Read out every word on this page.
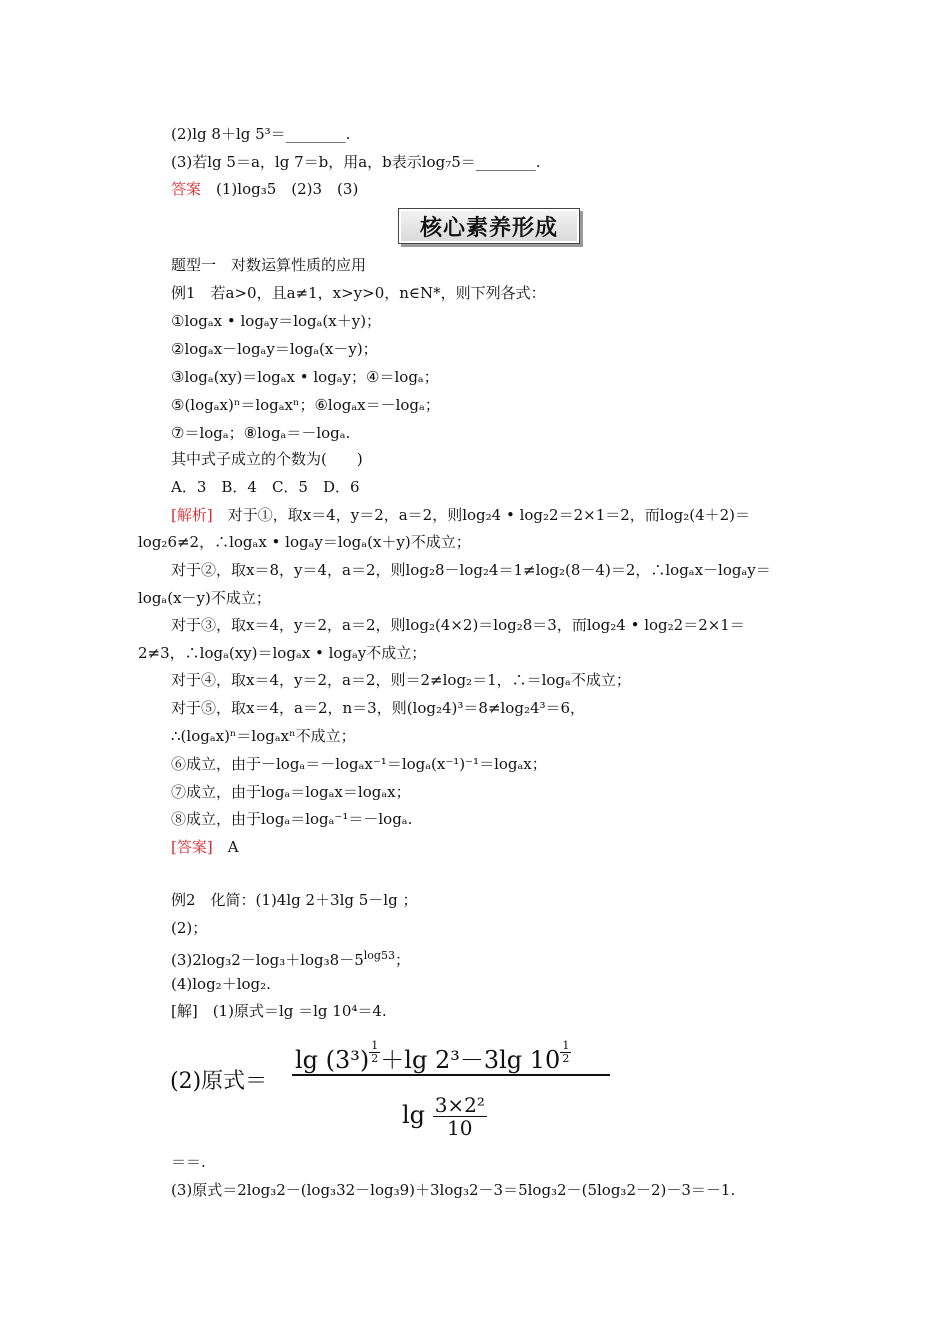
(2)lg 8＋lg 5³＝________.
(3)若lg 5＝a，lg 7＝b，用a，b表示log₇5＝________.
答案　 (1)log₃5　(2)3　(3)
核心素养形成
题型一　对数运算性质的应用
例1　若a>0，且a≠1，x>y>0，n∈N*，则下列各式：
①logₐx • logₐy＝logₐ(x＋y)；
②logₐx－logₐy＝logₐ(x－y)；
③logₐ(xy)＝logₐx • logₐy；④＝logₐ；
⑤(logₐx)ⁿ＝logₐxⁿ；⑥logₐx＝－logₐ；
⑦＝logₐ；⑧logₐ＝－logₐ.
其中式子成立的个数为(　　)
A．3　B．4　C．5　D．6
[解析]　对于①，取x＝4，y＝2，a＝2，则log₂4 • log₂2＝2×1＝2，而log₂(4＋2)＝
log₂6≠2，∴logₐx • logₐy＝logₐ(x＋y)不成立；
对于②，取x＝8，y＝4，a＝2，则log₂8－log₂4＝1≠log₂(8－4)＝2，∴logₐx－logₐy＝
logₐ(x－y)不成立；
对于③，取x＝4，y＝2，a＝2，则log₂(4×2)＝log₂8＝3，而log₂4 • log₂2＝2×1＝
2≠3，∴logₐ(xy)＝logₐx • logₐy不成立；
对于④，取x＝4，y＝2，a＝2，则＝2≠log₂＝1，∴＝logₐ不成立；
对于⑤，取x＝4，a＝2，n＝3，则(log₂4)³＝8≠log₂4³＝6，
∴(logₐx)ⁿ＝logₐxⁿ不成立；
⑥成立，由于－logₐ＝－logₐx⁻¹＝logₐ(x⁻¹)⁻¹＝logₐx；
⑦成立，由于logₐ＝logₐx＝logₐx；
⑧成立，由于logₐ＝logₐ⁻¹＝－logₐ.
[答案]　A
例2　化简：(1)4lg 2＋3lg 5－lg ；
(2)；
$(3)2\log_32-\log_3+\log_38-5^{log53}$；
(4)log₂＋log₂.
[解]　(1)原式＝lg ＝lg 10⁴＝4.
(2)原式＝
$\lg (3^3) \frac{1}{2}+\lg$ 2³－3lg $10 \frac{1}{2}$
$\lg \frac{\text{3×2²}}{10}$
＝＝.
(3)原式＝2log₃2－(log₃32－log₃9)＋3log₃2－3＝5log₃2－(5log₃2－2)－3＝－1.
